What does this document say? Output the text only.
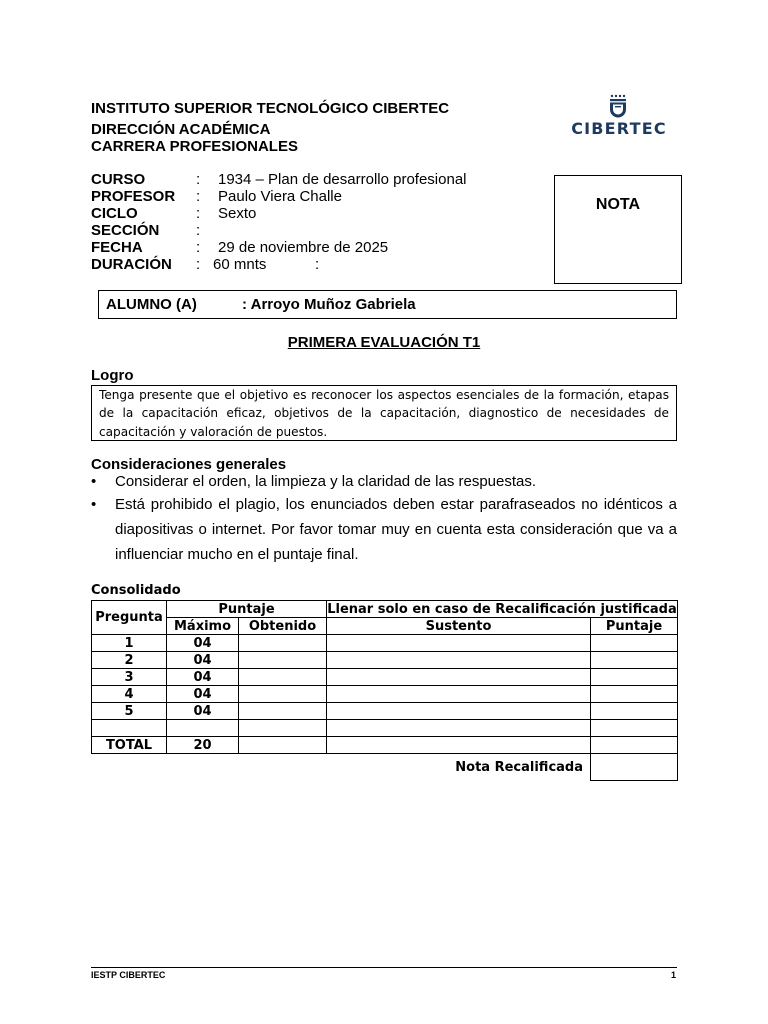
INSTITUTO SUPERIOR TECNOLÓGICO CIBERTEC
DIRECCIÓN ACADÉMICA
CARRERA PROFESIONALES
CIBERTEC
CURSO	: 1934 – Plan de desarrollo profesional
PROFESOR : Paulo Viera Challe
CICLO	: Sexto
SECCIÓN :
FECHA	: 29 de noviembre de 2025
DURACIÓN : 60 mnts	:
NOTA
ALUMNO (A)	: Arroyo Muñoz Gabriela
PRIMERA EVALUACIÓN T1
Logro
Tenga presente que el objetivo es reconocer los aspectos esenciales de la formación, etapas de la capacitación eficaz, objetivos de la capacitación, diagnostico de necesidades de capacitación y valoración de puestos.
Consideraciones generales
• Considerar el orden, la limpieza y la claridad de las respuestas.
• Está prohibido el plagio, los enunciados deben estar parafraseados no idénticos a diapositivas o internet. Por favor tomar muy en cuenta esta consideración que va a influenciar mucho en el puntaje final.
Consolidado
Pregunta	Puntaje		Llenar solo en caso de Recalificación justificada	
	Máximo	Obtenido	Sustento	Puntaje
1	04			
2	04			
3	04			
4	04			
5	04			

TOTAL	20			
Nota Recalificada				
IESTP CIBERTEC	1
